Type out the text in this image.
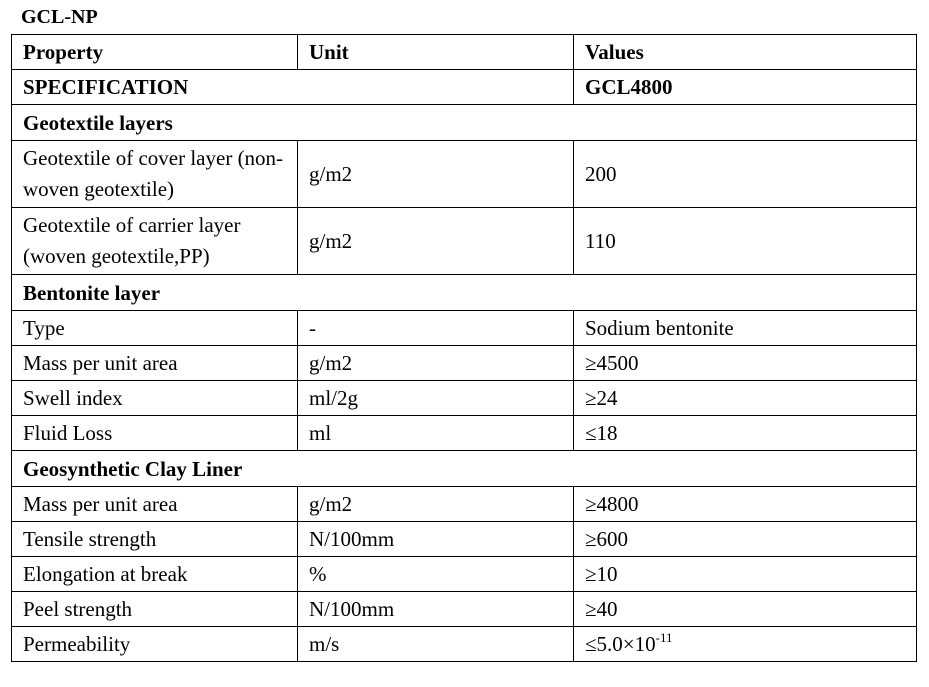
GCL-NP
Property	Unit	Values
SPECIFICATION		GCL4800
Geotextile layers		
Geotextile of cover layer (non-woven geotextile)	g/m2	200
Geotextile of carrier layer (woven geotextile,PP)	g/m2	110
Bentonite layer		
Type	-	Sodium bentonite
Mass per unit area	g/m2	≥4500
Swell index	ml/2g	≥24
Fluid Loss	ml	≤18
Geosynthetic Clay Liner		
Mass per unit area	g/m2	≥4800
Tensile strength	N/100mm	≥600
Elongation at break	%	≥10
Peel strength	N/100mm	≥40
Permeability	m/s	$\le 5.0\times 10^{-11}$
